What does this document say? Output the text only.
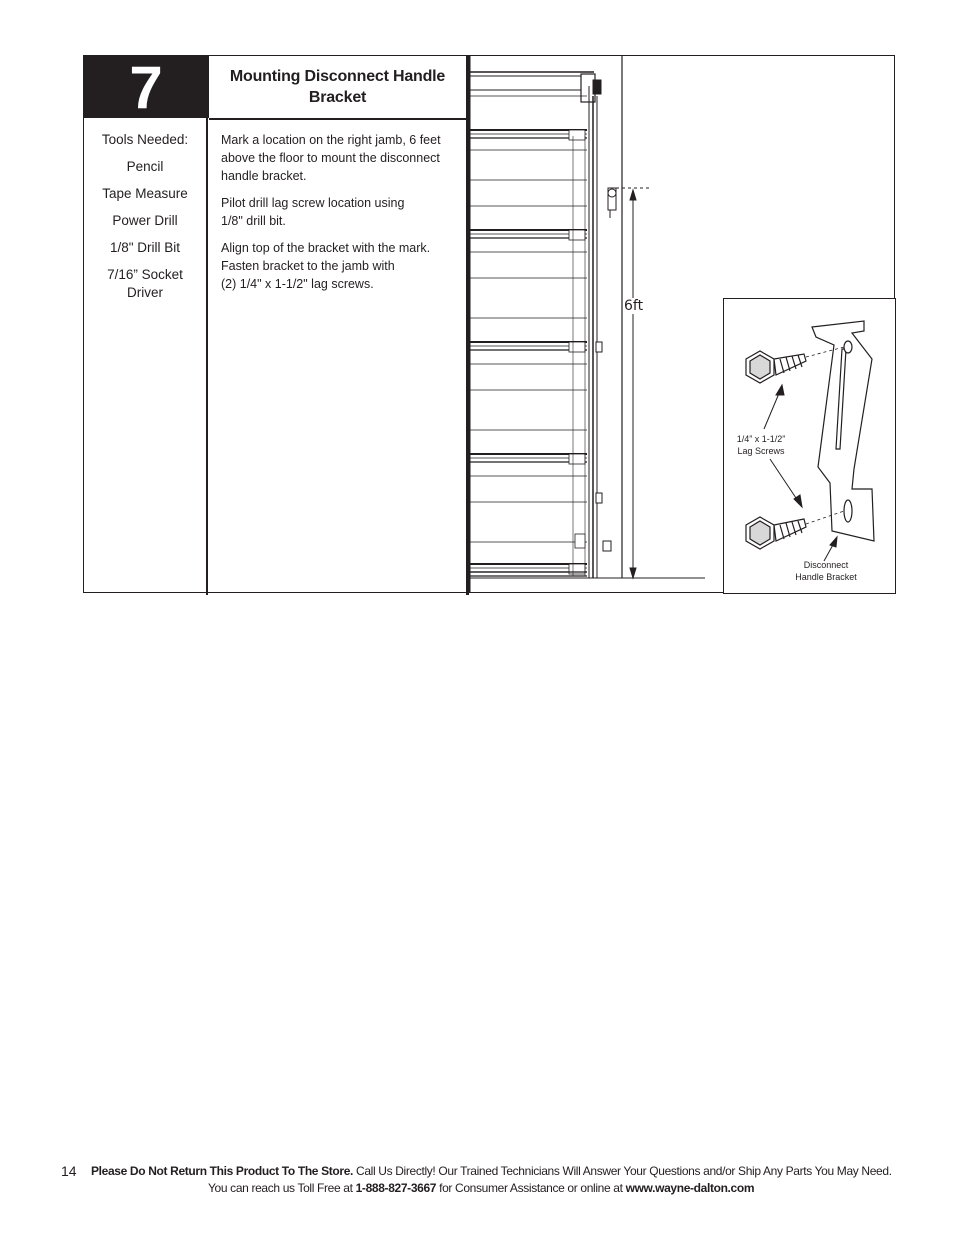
7	Mounting Disconnect Handle Bracket
Tools Needed:
Pencil
Tape Measure
Power Drill
1/8" Drill Bit
7/16” Socket Driver

Mark a location on the right jamb, 6 feet
above the floor to mount the disconnect
handle bracket.

Pilot drill lag screw location using
1/8" drill bit.

Align top of the bracket with the mark.
Fasten bracket to the jamb with
(2) 1/4" x 1-1/2" lag screws.

6ft
1/4” x 1-1/2”
Lag Screws
Disconnect
Handle Bracket
14 Please Do Not Return This Product To The Store. Call Us Directly! Our Trained Technicians Will Answer Your Questions and/or Ship Any Parts You May Need.
You can reach us Toll Free at 1-888-827-3667 for Consumer Assistance or online at www.wayne-dalton.com
